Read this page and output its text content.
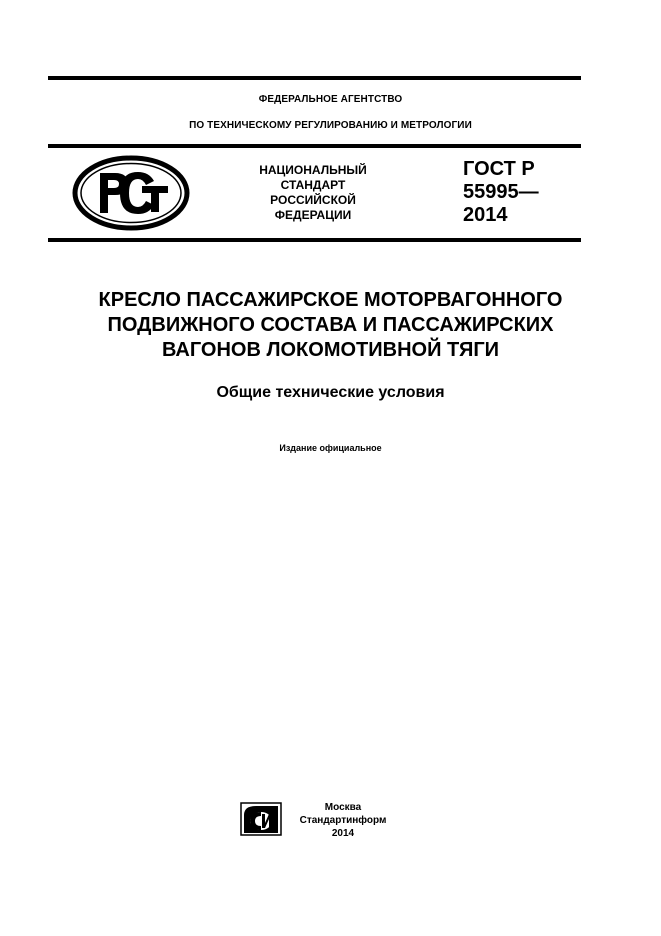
ФЕДЕРАЛЬНОЕ АГЕНТСТВО
ПО ТЕХНИЧЕСКОМУ РЕГУЛИРОВАНИЮ И МЕТРОЛОГИИ
НАЦИОНАЛЬНЫЙ
СТАНДАРТ
РОССИЙСКОЙ
ФЕДЕРАЦИИ
ГОСТ Р
55995—
2014
КРЕСЛО ПАССАЖИРСКОЕ МОТОРВАГОННОГО
ПОДВИЖНОГО СОСТАВА И ПАССАЖИРСКИХ
ВАГОНОВ ЛОКОМОТИВНОЙ ТЯГИ
Общие технические условия
Издание официальное
Москва
Стандартинформ
2014
